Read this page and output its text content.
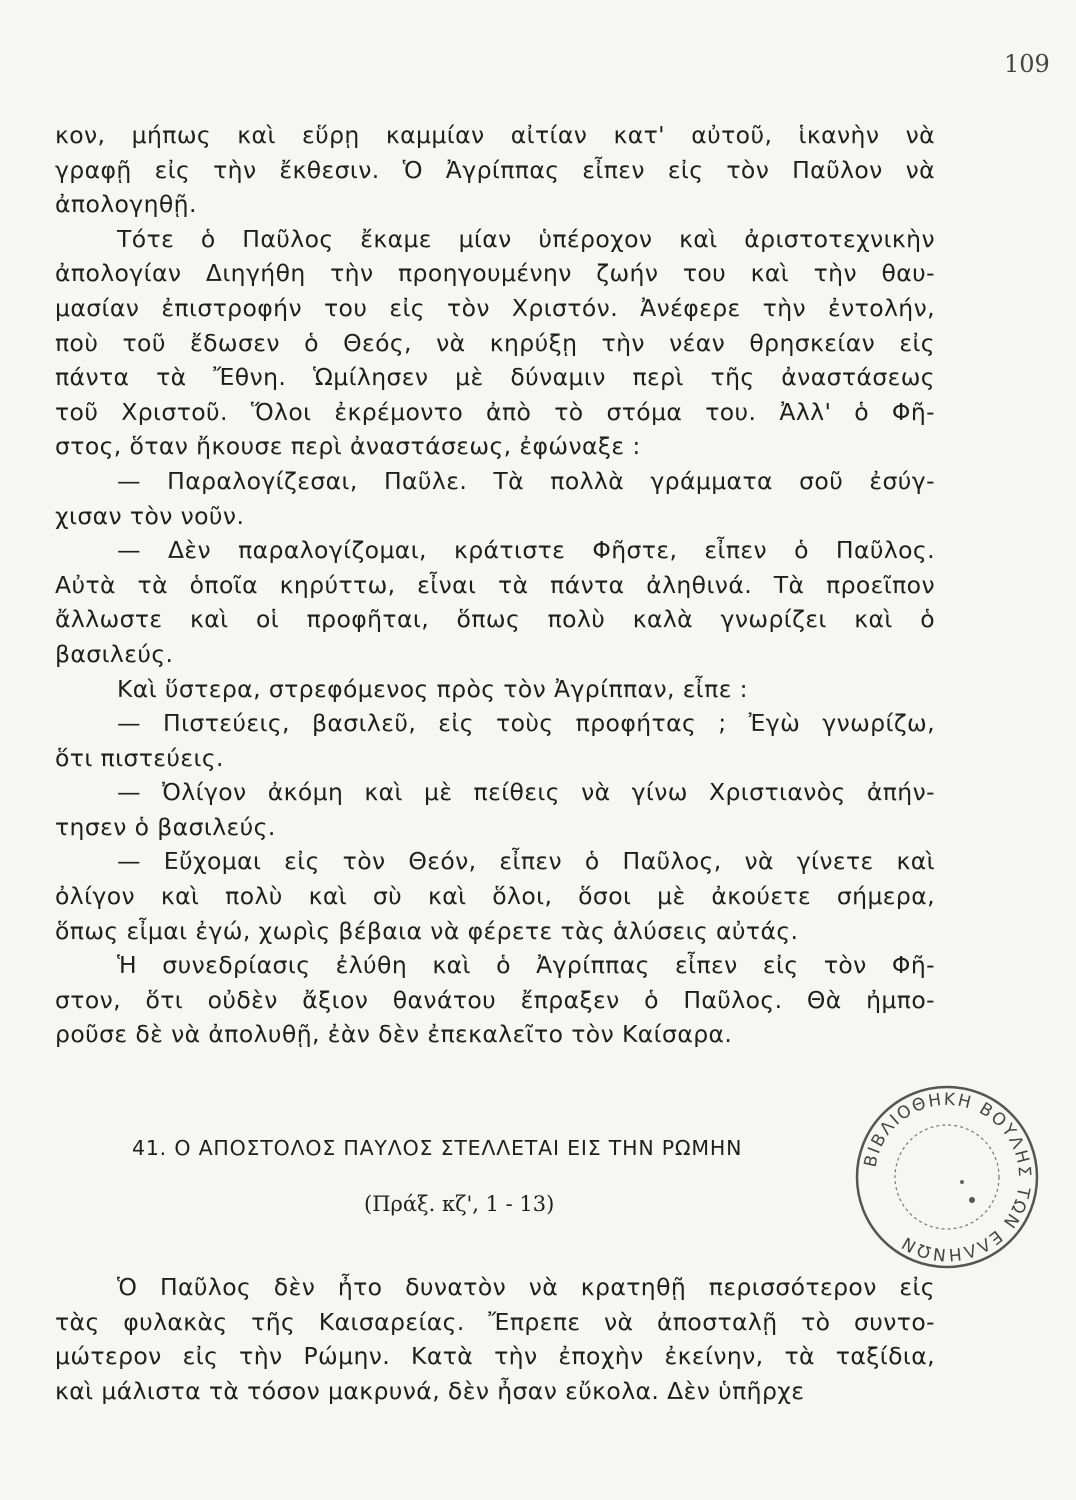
109
κον, μήπως καὶ εὕρῃ καμμίαν αἰτίαν κατ' αὐτοῦ, ἱκανὴν νὰ
γραφῇ εἰς τὴν ἔκθεσιν. Ὁ Ἀγρίππας εἶπεν εἰς τὸν Παῦλον νὰ
ἀπολογηθῇ.
Τότε ὁ Παῦλος ἔκαμε μίαν ὑπέροχον καὶ ἀριστοτεχνικὴν
ἀπολογίαν Διηγήθη τὴν προηγουμένην ζωήν του καὶ τὴν θαυ-
μασίαν ἐπιστροφήν του εἰς τὸν Χριστόν. Ἀνέφερε τὴν ἐντολήν,
ποὺ τοῦ ἔδωσεν ὁ Θεός, νὰ κηρύξῃ τὴν νέαν θρησκείαν εἰς
πάντα τὰ Ἔθνη. Ὡμίλησεν μὲ δύναμιν περὶ τῆς ἀναστάσεως
τοῦ Χριστοῦ. Ὅλοι ἐκρέμοντο ἀπὸ τὸ στόμα του. Ἀλλ' ὁ Φῆ-
στος, ὅταν ἤκουσε περὶ ἀναστάσεως, ἐφώναξε :
— Παραλογίζεσαι, Παῦλε. Τὰ πολλὰ γράμματα σοῦ ἐσύγ-
χισαν τὸν νοῦν.
— Δὲν παραλογίζομαι, κράτιστε Φῆστε, εἶπεν ὁ Παῦλος.
Αὐτὰ τὰ ὁποῖα κηρύττω, εἶναι τὰ πάντα ἀληθινά. Τὰ προεῖπον
ἄλλωστε καὶ οἱ προφῆται, ὅπως πολὺ καλὰ γνωρίζει καὶ ὁ
βασιλεύς.
Καὶ ὕστερα, στρεφόμενος πρὸς τὸν Ἀγρίππαν, εἶπε :
— Πιστεύεις, βασιλεῦ, εἰς τοὺς προφήτας ; Ἐγὼ γνωρίζω,
ὅτι πιστεύεις.
— Ὀλίγον ἀκόμη καὶ μὲ πείθεις νὰ γίνω Χριστιανὸς ἀπήν-
τησεν ὁ βασιλεύς.
— Εὔχομαι εἰς τὸν Θεόν, εἶπεν ὁ Παῦλος, νὰ γίνετε καὶ
ὀλίγον καὶ πολὺ καὶ σὺ καὶ ὅλοι, ὅσοι μὲ ἀκούετε σήμερα,
ὅπως εἶμαι ἐγώ, χωρὶς βέβαια νὰ φέρετε τὰς ἁλύσεις αὐτάς.
Ἡ συνεδρίασις ἐλύθη καὶ ὁ Ἀγρίππας εἶπεν εἰς τὸν Φῆ-
στον, ὅτι οὐδὲν ἄξιον θανάτου ἔπραξεν ὁ Παῦλος. Θὰ ἠμπο-
ροῦσε δὲ νὰ ἀπολυθῇ, ἐὰν δὲν ἐπεκαλεῖτο τὸν Καίσαρα.
41. Ο ΑΠΟΣΤΟΛΟΣ ΠΑΥΛΟΣ ΣΤΕΛΛΕΤΑΙ ΕΙΣ ΤΗΝ ΡΩΜΗΝ
(Πράξ. κζ', 1 - 13)
Ὁ Παῦλος δὲν ἦτο δυνατὸν νὰ κρατηθῇ περισσότερον εἰς
τὰς φυλακὰς τῆς Καισαρείας. Ἔπρεπε νὰ ἀποσταλῇ τὸ συντο-
μώτερον εἰς τὴν Ρώμην. Κατὰ τὴν ἐποχὴν ἐκείνην, τὰ ταξίδια,
καὶ μάλιστα τὰ τόσον μακρυνά, δὲν ἦσαν εὔκολα. Δὲν ὑπῆρχε
ΒΙΒΛΙΟΘΗΚΗ ΒΟΥΛΗΣ ΤΩΝ ΕΛΛΗΝΩΝ
